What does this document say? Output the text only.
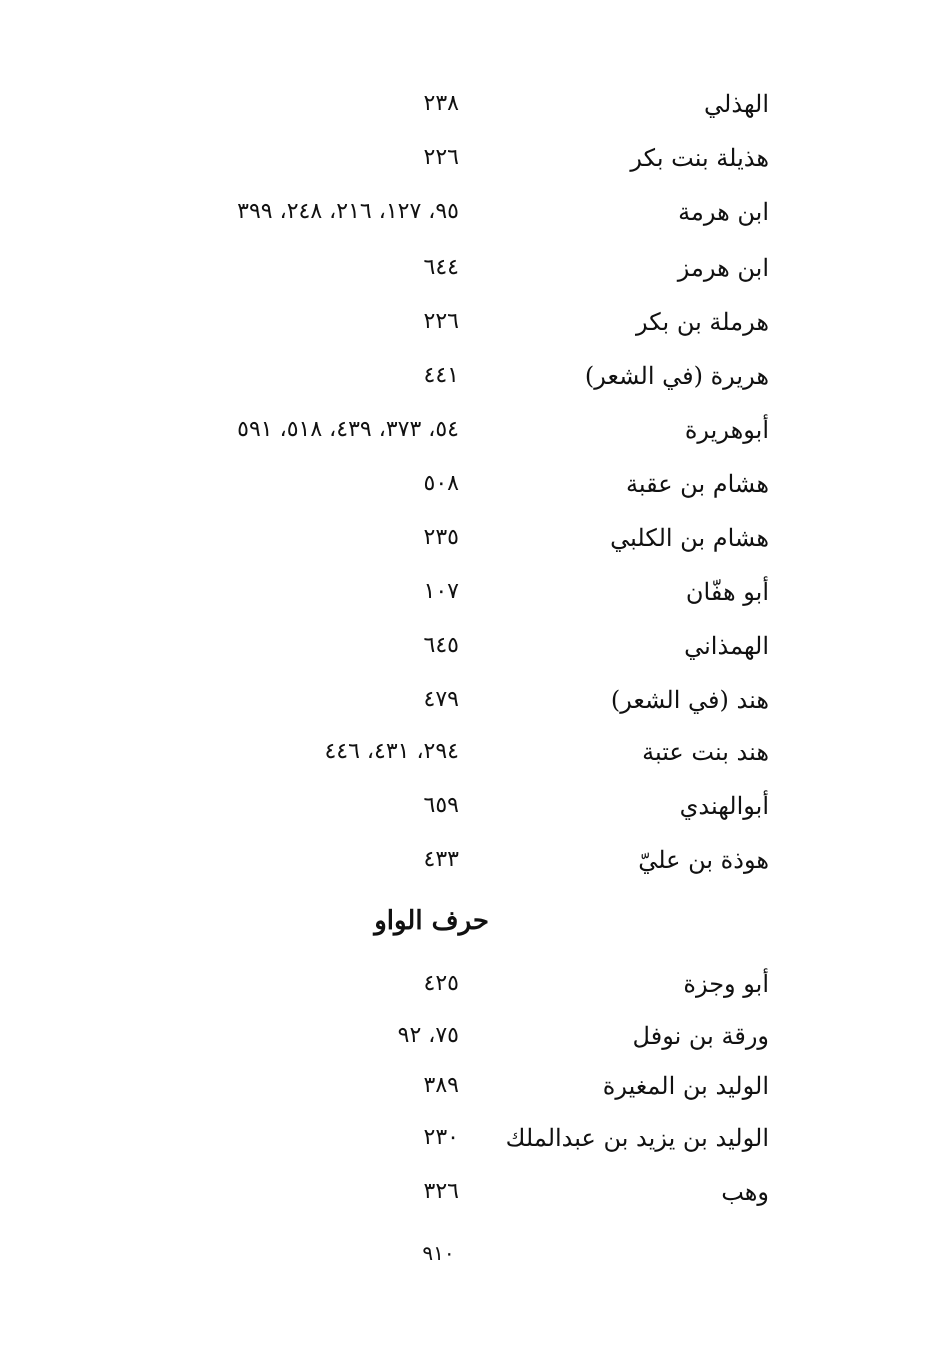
الهذلي
٢٣٨
هذيلة بنت بكر
٢٢٦
ابن هرمة
٩٥، ١٢٧، ٢١٦، ٢٤٨، ٣٩٩
ابن هرمز
٦٤٤
هرملة بن بكر
٢٢٦
هريرة (في الشعر)
٤٤١
أبوهريرة
٥٤، ٣٧٣، ٤٣٩، ٥١٨، ٥٩١
هشام بن عقبة
٥٠٨
هشام بن الكلبي
٢٣٥
أبو هفّان
١٠٧
الهمذاني
٦٤٥
هند (في الشعر)
٤٧٩
هند بنت عتبة
٢٩٤، ٤٣١، ٤٤٦
أبوالهندي
٦٥٩
هوذة بن عليّ
٤٣٣
حرف الواو
أبو وجزة
٤٢٥
ورقة بن نوفل
٧٥، ٩٢
الوليد بن المغيرة
٣٨٩
الوليد بن يزيد بن عبدالملك
٢٣٠
وهب
٣٢٦
٩١٠
